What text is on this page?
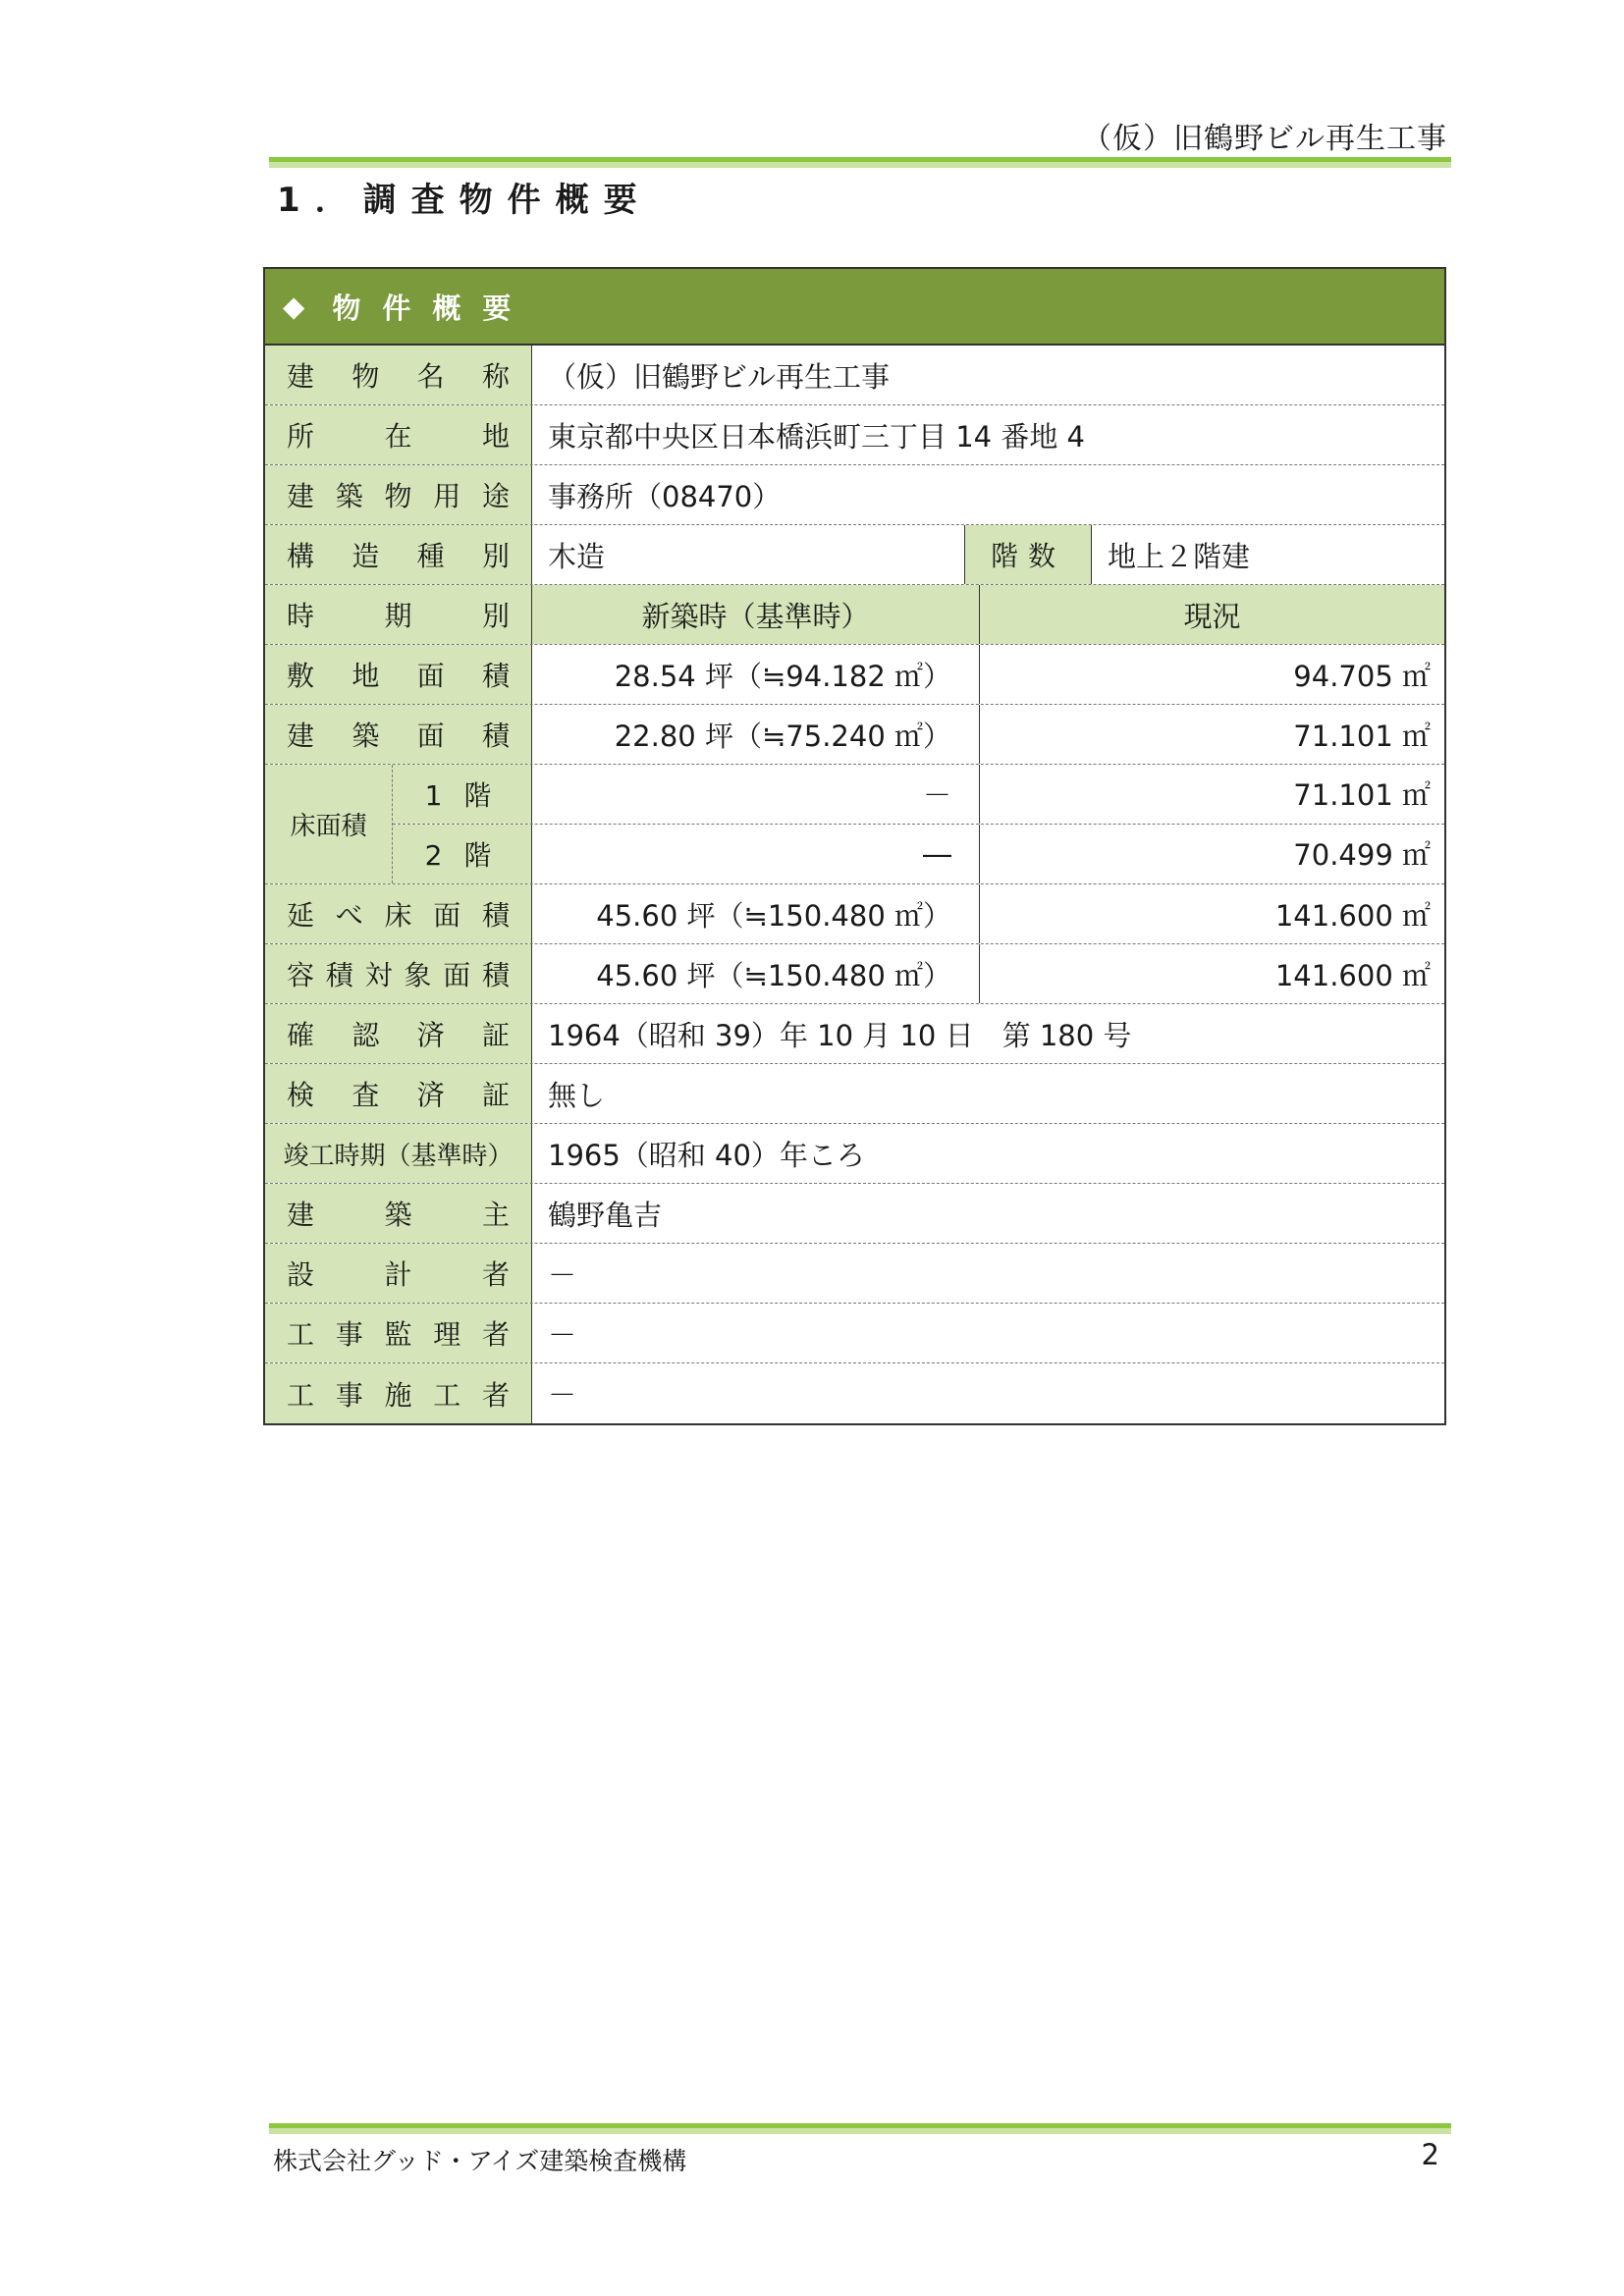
（仮）旧鶴野ビル再生工事
1．調査物件概要
◆ 物件概要
建 物 名 称	（仮）旧鶴野ビル再生工事
所	在	地	東京都中央区日本橋浜町三丁目 14 番地 4
建 築 物 用 途	事務所（08470）
構 造 種 別	木造	階数	地上２階建
時	期	別	新築時（基準時）	現況
敷 地 面 積	28.54 坪（≒94.182 ㎡）	94.705 ㎡
建 築 面 積	22.80 坪（≒75.240 ㎡）	71.101 ㎡
床面積
1階	－	71.101 ㎡
2階	―	70.499 ㎡
延 べ 床 面 積	45.60 坪（≒150.480 ㎡）	141.600 ㎡
容 積 対 象 面 積	45.60 坪（≒150.480 ㎡）	141.600 ㎡
確 認 済 証	1964（昭和 39）年 10 月 10 日　第 180 号
検 査 済 証	無し
竣工時期（基準時）	1965（昭和 40）年ころ
建	築	主	鶴野亀吉
設	計	者	－
工 事 監 理 者	－
工 事 施 工 者	－
株式会社グッド・アイズ建築検査機構	2
